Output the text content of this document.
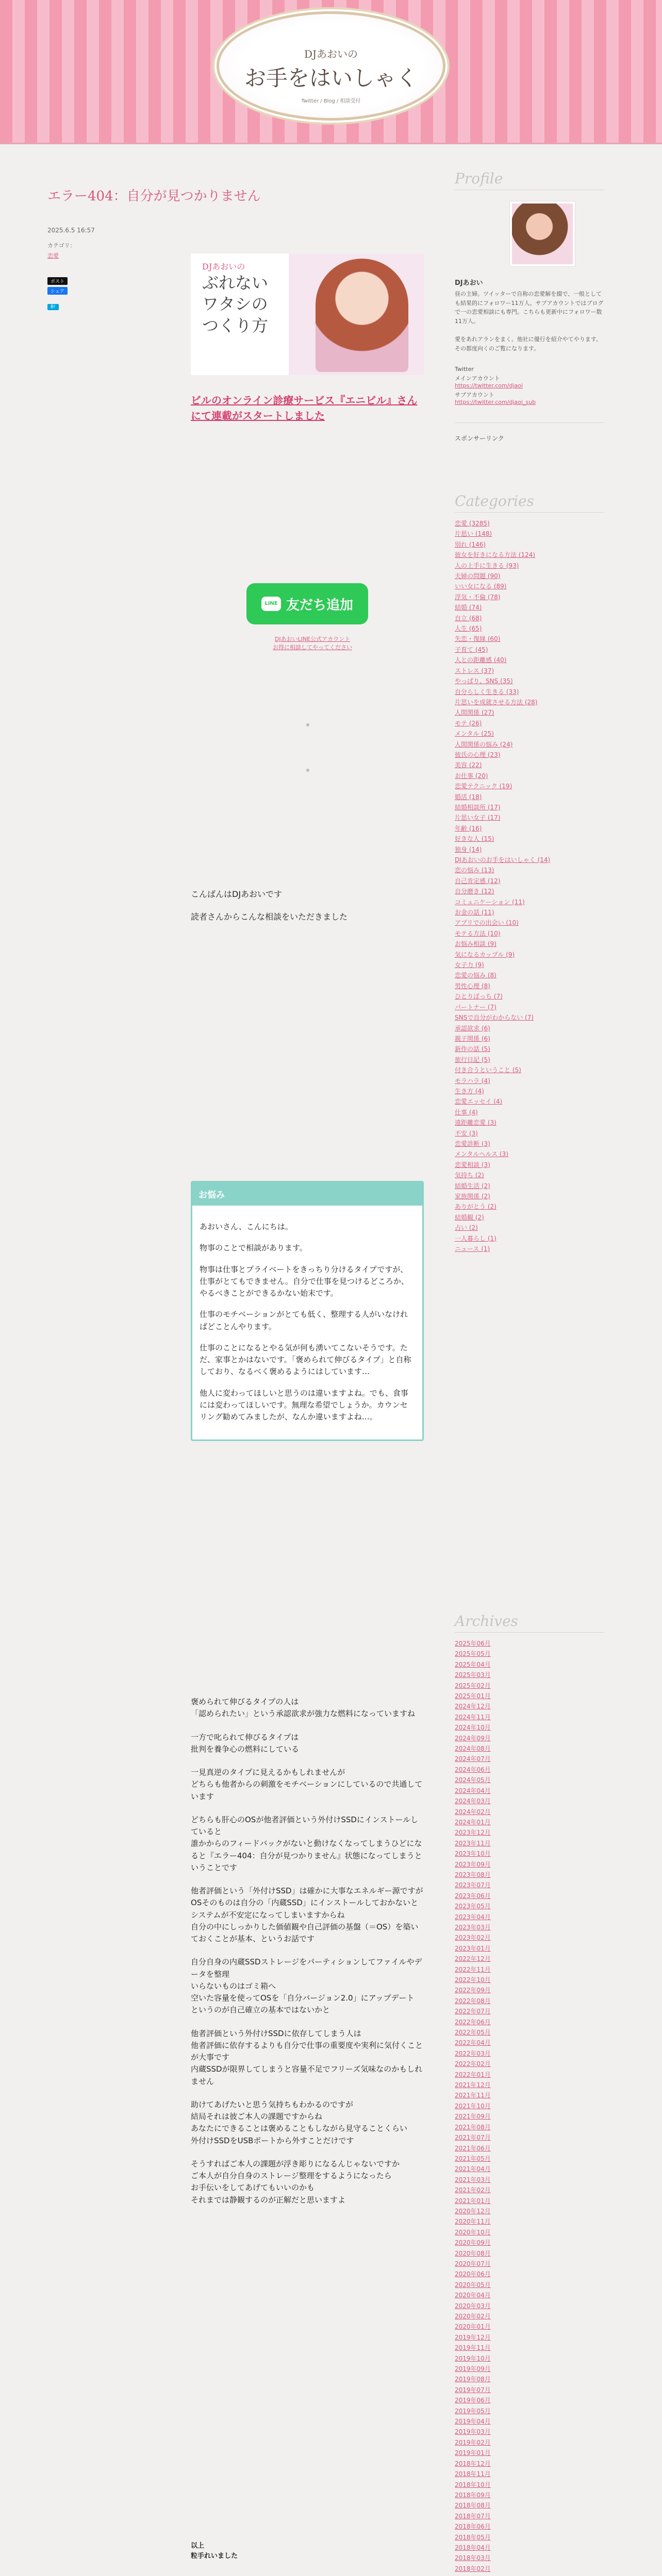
DJあおいの
お手をはいしゃく
Twitter / Blog / 相談受付
エラー404：自分が見つかりません
2025.6.5 16:57
カテゴリ：
恋愛
ポスト
シェア
B!
DJあおいの
ぶれない
ワタシの
つくり方
ビルのオンライン診療サービス『エニビル』さんにて連載がスタートしました
LINE 友だち追加
DJあおいLINE公式アカウント
お得に相談してやってください

こんばんはDJあおいです

読者さんからこんな相談をいただきました

お悩み

あおいさん、こんにちは。

物事のことで相談があります。

物事は仕事とプライベートをきっちり分けるタイプですが、仕事がとてもできません。自分で仕事を見つけるどころか、やるべきことができるかない始末です。

仕事のモチベーションがとても低く、整理する人がいなければどことんやります。

仕事のことになるとやる気が何も湧いてこないそうです。ただ、家事とかはないです。「褒められて伸びるタイプ」と自称しており、なるべく褒めるようにはしています…

他人に変わってほしいと思うのは違いますよね。でも、食事には変わってほしいです。無理な希望でしょうか。カウンセリング勧めてみましたが、なんか違いますよね…。

褒められて伸びるタイプの人は

「認められたい」という承認欲求が強力な燃料になっていますね

一方で叱られて伸びるタイプは

批判を養争心の燃料にしている

一見真逆のタイプに見えるかもしれませんが

どちらも他者からの刺激をモチベーションにしているので共通しています

どちらも肝心のOSが他者評価という外付けSSDにインストールしていると

誰かからのフィードバックがないと動けなくなってしまうひどになると『エラー404：自分が見つかりません』状態になってしまうということです

他者評価という「外付けSSD」は確かに大事なエネルギー源ですが

OSそのものは自分の「内蔵SSD」にインストールしておかないとシステムが不安定になってしまいますからね

自分の中にしっかりした価値観や自己評価の基盤（＝OS）を築いておくことが基本、というお話です

自分自身の内蔵SSDストレージをパーティションしてファイルやデータを整理

いらないものはゴミ箱へ

空いた容量を使ってOSを「自分バージョン2.0」にアップデート

というのが自己確立の基本ではないかと

他者評価という外付けSSDに依存してしまう人は

他者評価に依存するよりも自分で仕事の重要度や実利に気付くことが大事です

内蔵SSDが限界してしまうと容量不足でフリーズ気味なのかもしれません

助けてあげたいと思う気持ちもわかるのですが

結局それは彼ご本人の課題ですからね

あなたにできることは褒めることもしながら見守ることくらい

外付けSSDをUSBポートから外すことだけです

そうすればご本人の課題が浮き彫りになるんじゃないですか

ご本人が自分自身のストレージ整理をするようになったら

お手伝いをしてあげてもいいのかも

それまでは静観するのが正解だと思いますよ

以上

粒手れいました

Profile
DJあおい
昼の主婦。ツイッターで自称の恋愛解を綴で、一般としても結果的にフォロワー11万人。サブアカウントではブログで一の恋愛相談にも専門。こちらも更新中にフォロワー数11万人。
愛をあれアランをまく。他社に優行を紹介やてやります。その都度向くのご覧になります。
Twitter
メインアカウント
https://twitter.com/djaoi
サブアカウント
https://twitter.com/djaoi_sub
スポンサーリンク
Categories
恋愛 (3285)
片思い (148)
別れ (146)
彼女を好きになる方法 (124)
人の上手に生きる (93)
夫婦の問題 (90)
いい女になる (89)
浮気・不倫 (78)
結婚 (74)
自立 (68)
人生 (65)
失恋・復縁 (60)
子育て (45)
人との距離感 (40)
ストレス (37)
やっぱり、SNS (35)
自分らしく生きる (33)
片思いを成就させる方法 (28)
人間関係 (27)
モテ (26)
メンタル (25)
人間関係の悩み (24)
彼氏の心理 (23)
美容 (22)
お仕事 (20)
恋愛テクニック (19)
婚活 (18)
結婚相談所 (17)
片思い女子 (17)
年齢 (16)
好きな人 (15)
独身 (14)
DJあおいのお手をはいしゃく (14)
恋の悩み (13)
自己肯定感 (12)
自分磨き (12)
コミュニケーション (11)
お金の話 (11)
アプリでの出会い (10)
モテる方法 (10)
お悩み相談 (9)
気になるカップル (9)
女子力 (9)
恋愛の悩み (8)
男性心理 (8)
ひとりぼっち (7)
パートナー (7)
SNSで自分がわからない (7)
承認欲求 (6)
親子関係 (6)
新作の話 (5)
旅行日記 (5)
付き合うということ (5)
モラハラ (4)
生き方 (4)
恋愛エッセイ (4)
仕事 (4)
遠距離恋愛 (3)
不安 (3)
恋愛診断 (3)
メンタルヘルス (3)
恋愛相談 (3)
気持ち (2)
結婚生活 (2)
家族関係 (2)
ありがとう (2)
結婚観 (2)
占い (2)
一人暮らし (1)
ニュース (1)
Archives
2025年06月
2025年05月
2025年04月
2025年03月
2025年02月
2025年01月
2024年12月
2024年11月
2024年10月
2024年09月
2024年08月
2024年07月
2024年06月
2024年05月
2024年04月
2024年03月
2024年02月
2024年01月
2023年12月
2023年11月
2023年10月
2023年09月
2023年08月
2023年07月
2023年06月
2023年05月
2023年04月
2023年03月
2023年02月
2023年01月
2022年12月
2022年11月
2022年10月
2022年09月
2022年08月
2022年07月
2022年06月
2022年05月
2022年04月
2022年03月
2022年02月
2022年01月
2021年12月
2021年11月
2021年10月
2021年09月
2021年08月
2021年07月
2021年06月
2021年05月
2021年04月
2021年03月
2021年02月
2021年01月
2020年12月
2020年11月
2020年10月
2020年09月
2020年08月
2020年07月
2020年06月
2020年05月
2020年04月
2020年03月
2020年02月
2020年01月
2019年12月
2019年11月
2019年10月
2019年09月
2019年08月
2019年07月
2019年06月
2019年05月
2019年04月
2019年03月
2019年02月
2019年01月
2018年12月
2018年11月
2018年10月
2018年09月
2018年08月
2018年07月
2018年06月
2018年05月
2018年04月
2018年03月
2018年02月
